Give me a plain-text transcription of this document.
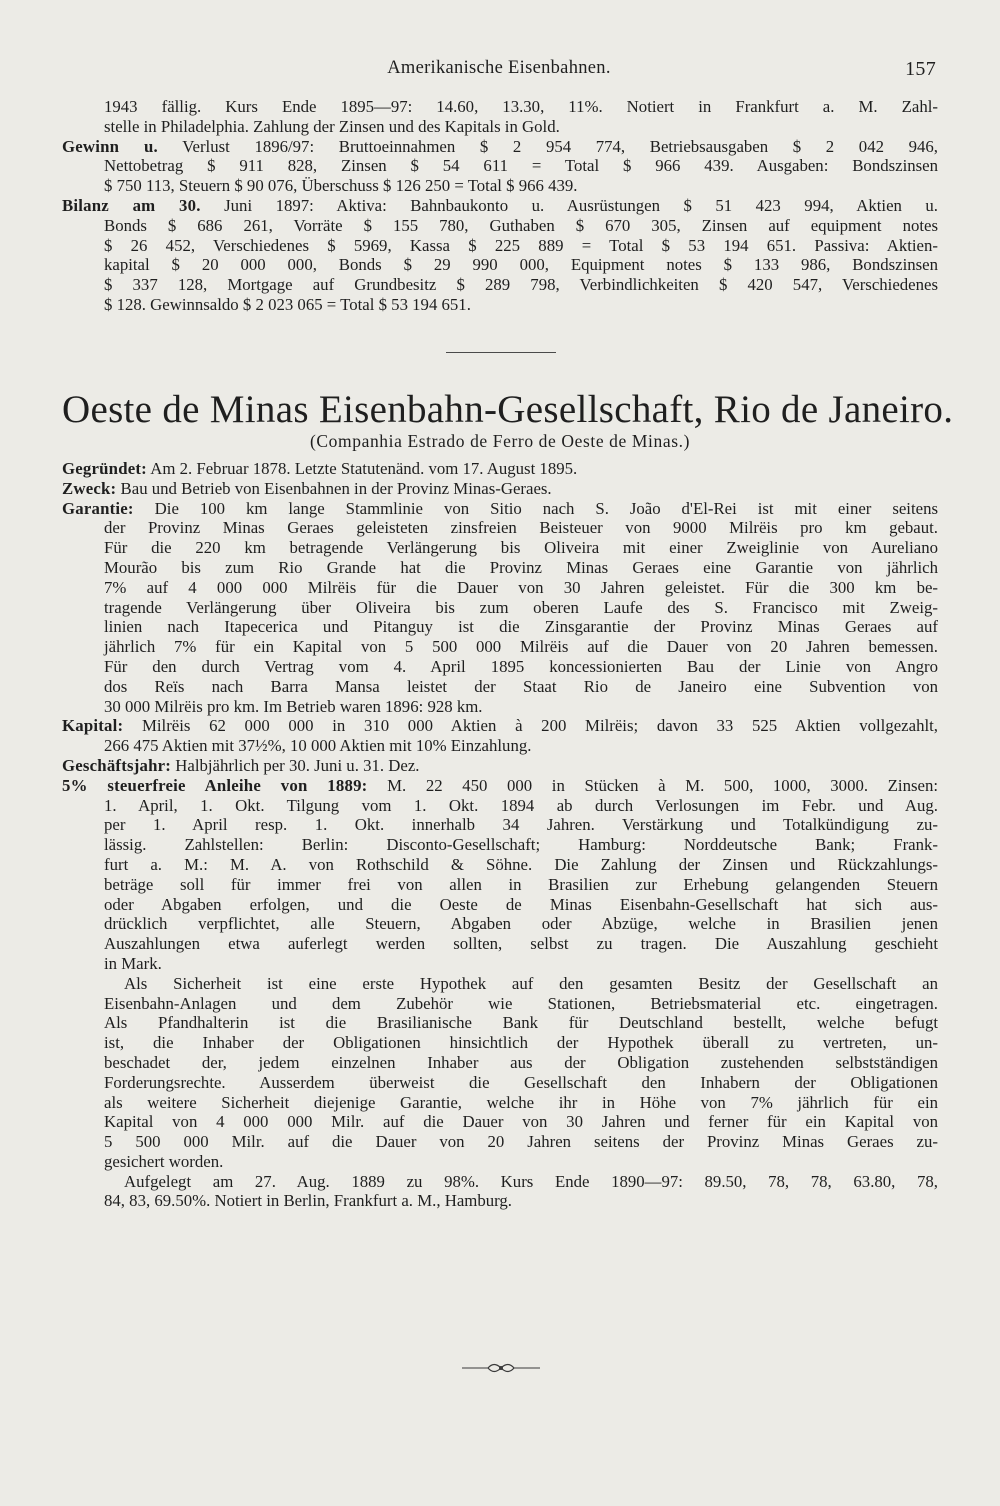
Amerikanische Eisenbahnen.	157
1943 fällig. Kurs Ende 1895—97: 14.60, 13.30, 11%. Notiert in Frankfurt a. M. Zahl-
stelle in Philadelphia. Zahlung der Zinsen und des Kapitals in Gold.
Gewinn u. Verlust 1896/97: Bruttoeinnahmen $ 2 954 774, Betriebsausgaben $ 2 042 946,
Nettobetrag $ 911 828, Zinsen $ 54 611 = Total $ 966 439. Ausgaben: Bondszinsen
$ 750 113, Steuern $ 90 076, Überschuss $ 126 250 = Total $ 966 439.
Bilanz am 30. Juni 1897: Aktiva: Bahnbaukonto u. Ausrüstungen $ 51 423 994, Aktien u.
Bonds $ 686 261, Vorräte $ 155 780, Guthaben $ 670 305, Zinsen auf equipment notes
$ 26 452, Verschiedenes $ 5969, Kassa $ 225 889 = Total $ 53 194 651. Passiva: Aktien-
kapital $ 20 000 000, Bonds $ 29 990 000, Equipment notes $ 133 986, Bondszinsen
$ 337 128, Mortgage auf Grundbesitz $ 289 798, Verbindlichkeiten $ 420 547, Verschiedenes
$ 128. Gewinnsaldo $ 2 023 065 = Total $ 53 194 651.
Oeste de Minas Eisenbahn-Gesellschaft, Rio de Janeiro.
(Companhia Estrado de Ferro de Oeste de Minas.)
Gegründet: Am 2. Februar 1878. Letzte Statutenänd. vom 17. August 1895.
Zweck: Bau und Betrieb von Eisenbahnen in der Provinz Minas-Geraes.
Garantie: Die 100 km lange Stammlinie von Sitio nach S. João d'El-Rei ist mit einer seitens
der Provinz Minas Geraes geleisteten zinsfreien Beisteuer von 9000 Milrëis pro km gebaut.
Für die 220 km betragende Verlängerung bis Oliveira mit einer Zweiglinie von Aureliano
Mourão bis zum Rio Grande hat die Provinz Minas Geraes eine Garantie von jährlich
7% auf 4 000 000 Milrëis für die Dauer von 30 Jahren geleistet. Für die 300 km be-
tragende Verlängerung über Oliveira bis zum oberen Laufe des S. Francisco mit Zweig-
linien nach Itapecerica und Pitanguy ist die Zinsgarantie der Provinz Minas Geraes auf
jährlich 7% für ein Kapital von 5 500 000 Milrëis auf die Dauer von 20 Jahren bemessen.
Für den durch Vertrag vom 4. April 1895 koncessionierten Bau der Linie von Angro
dos Reïs nach Barra Mansa leistet der Staat Rio de Janeiro eine Subvention von
30 000 Milrëis pro km. Im Betrieb waren 1896: 928 km.
Kapital: Milrëis 62 000 000 in 310 000 Aktien à 200 Milrëis; davon 33 525 Aktien vollgezahlt,
266 475 Aktien mit 37½%, 10 000 Aktien mit 10% Einzahlung.
Geschäftsjahr: Halbjährlich per 30. Juni u. 31. Dez.
5% steuerfreie Anleihe von 1889: M. 22 450 000 in Stücken à M. 500, 1000, 3000. Zinsen:
1. April, 1. Okt. Tilgung vom 1. Okt. 1894 ab durch Verlosungen im Febr. und Aug.
per 1. April resp. 1. Okt. innerhalb 34 Jahren. Verstärkung und Totalkündigung zu-
lässig. Zahlstellen: Berlin: Disconto-Gesellschaft; Hamburg: Norddeutsche Bank; Frank-
furt a. M.: M. A. von Rothschild & Söhne. Die Zahlung der Zinsen und Rückzahlungs-
beträge soll für immer frei von allen in Brasilien zur Erhebung gelangenden Steuern
oder Abgaben erfolgen, und die Oeste de Minas Eisenbahn-Gesellschaft hat sich aus-
drücklich verpflichtet, alle Steuern, Abgaben oder Abzüge, welche in Brasilien jenen
Auszahlungen etwa auferlegt werden sollten, selbst zu tragen. Die Auszahlung geschieht
in Mark.
Als Sicherheit ist eine erste Hypothek auf den gesamten Besitz der Gesellschaft an
Eisenbahn-Anlagen und dem Zubehör wie Stationen, Betriebsmaterial etc. eingetragen.
Als Pfandhalterin ist die Brasilianische Bank für Deutschland bestellt, welche befugt
ist, die Inhaber der Obligationen hinsichtlich der Hypothek überall zu vertreten, un-
beschadet der, jedem einzelnen Inhaber aus der Obligation zustehenden selbstständigen
Forderungsrechte. Ausserdem überweist die Gesellschaft den Inhabern der Obligationen
als weitere Sicherheit diejenige Garantie, welche ihr in Höhe von 7% jährlich für ein
Kapital von 4 000 000 Milr. auf die Dauer von 30 Jahren und ferner für ein Kapital von
5 500 000 Milr. auf die Dauer von 20 Jahren seitens der Provinz Minas Geraes zu-
gesichert worden.
Aufgelegt am 27. Aug. 1889 zu 98%. Kurs Ende 1890—97: 89.50, 78, 78, 63.80, 78,
84, 83, 69.50%. Notiert in Berlin, Frankfurt a. M., Hamburg.
